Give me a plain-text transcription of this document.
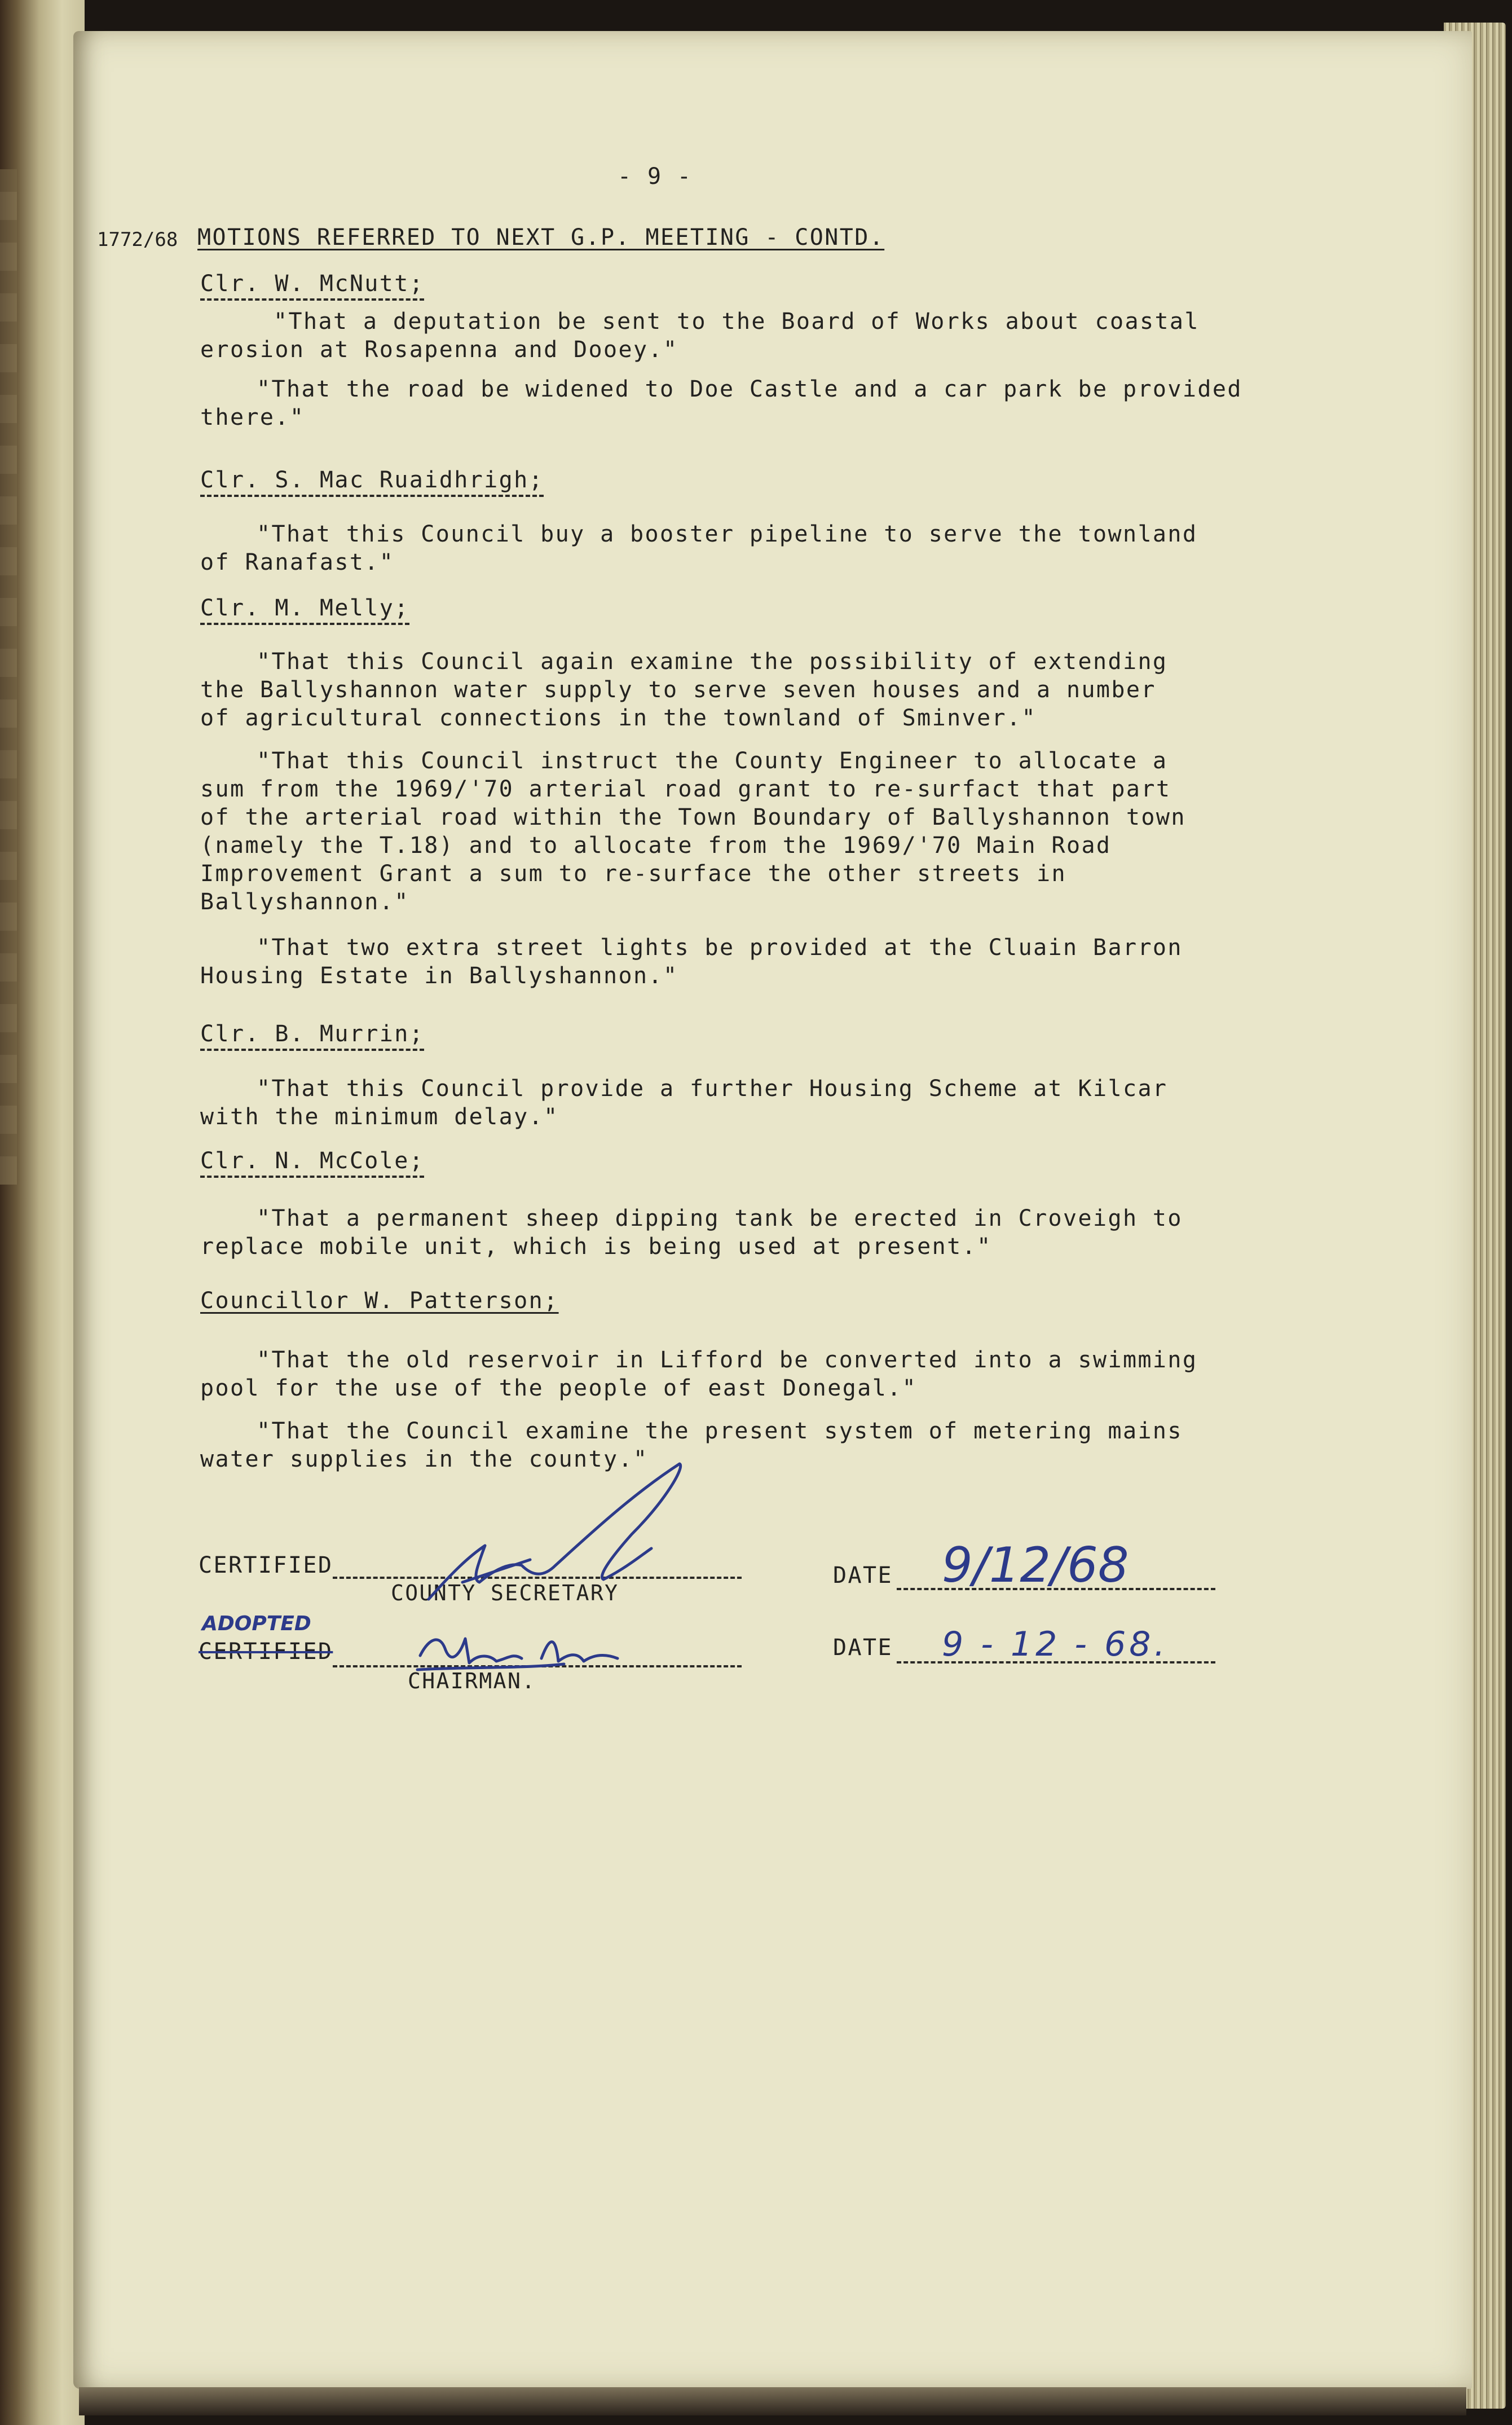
- 9 -
1772/68 MOTIONS REFERRED TO NEXT G.P. MEETING - CONTD.
Clr. W. McNutt;
"That a deputation be sent to the Board of Works about coastal
erosion at Rosapenna and Dooey."
"That the road be widened to Doe Castle and a car park be provided
there."
Clr. S. Mac Ruaidhrigh;
"That this Council buy a booster pipeline to serve the townland
of Ranafast."
Clr. M. Melly;
"That this Council again examine the possibility of extending
the Ballyshannon water supply to serve seven houses and a number
of agricultural connections in the townland of Sminver."
"That this Council instruct the County Engineer to allocate a
sum from the 1969/'70 arterial road grant to re-surfact that part
of the arterial road within the Town Boundary of Ballyshannon town
(namely the T.18) and to allocate from the 1969/'70 Main Road
Improvement Grant a sum to re-surface the other streets in
Ballyshannon."
"That two extra street lights be provided at the Cluain Barron
Housing Estate in Ballyshannon."
Clr. B. Murrin;
"That this Council provide a further Housing Scheme at Kilcar
with the minimum delay."
Clr. N. McCole;
"That a permanent sheep dipping tank be erected in Croveigh to
replace mobile unit, which is being used at present."
Councillor W. Patterson;
"That the old reservoir in Lifford be converted into a swimming
pool for the use of the people of east Donegal."
"That the Council examine the present system of metering mains
water supplies in the county."
CERTIFIED
COUNTY SECRETARY
ADOPTED
CERTIFIED
CHAIRMAN.
DATE 9/12/68
DATE 9 - 12 - 68.
